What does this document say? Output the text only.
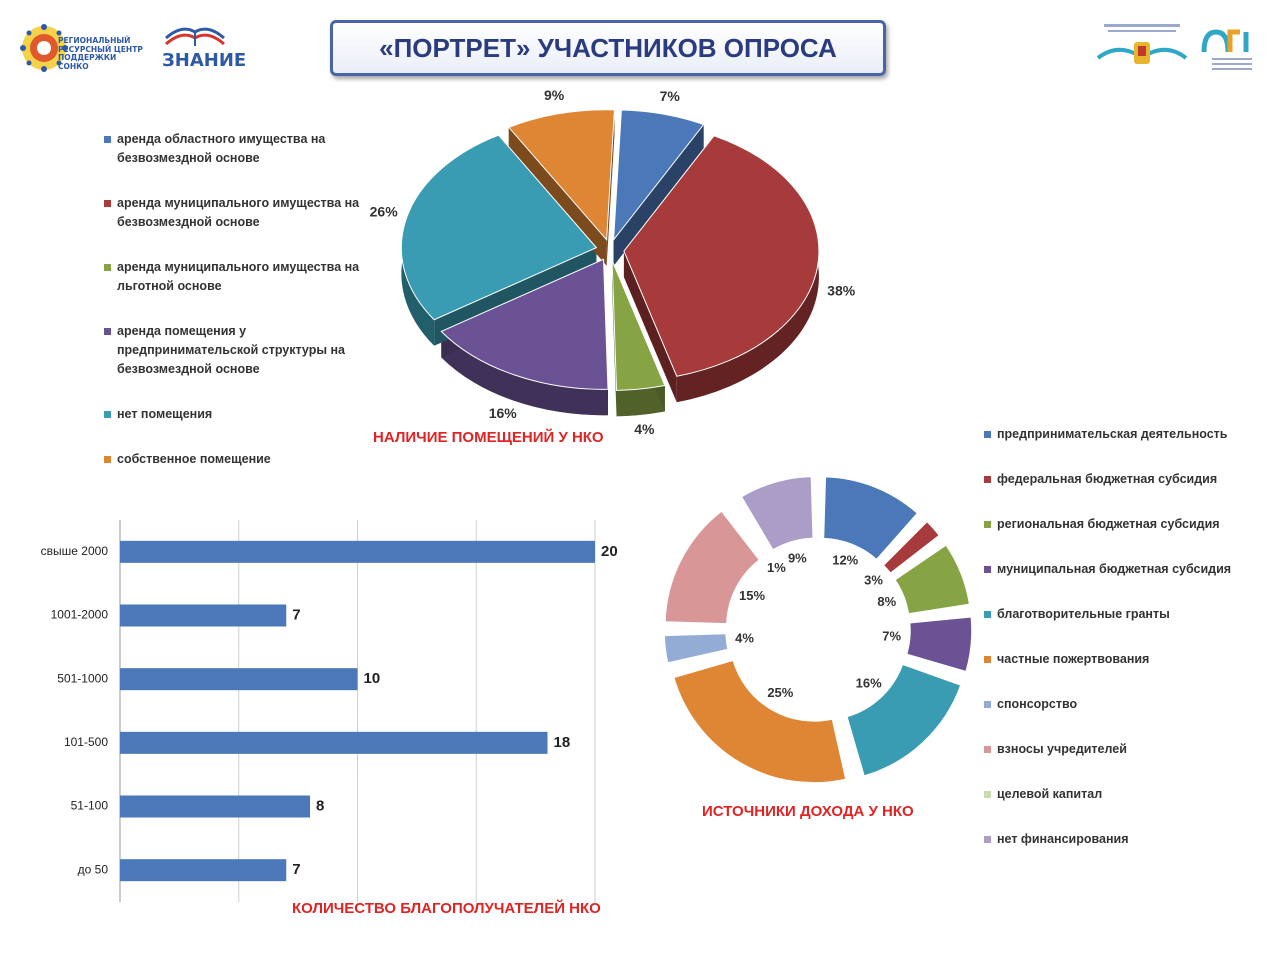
РЕГИОНАЛЬНЫЙ
РЕСУРСНЫЙ ЦЕНТР
ПОДДЕРЖКИ СОНКО	ЗНАНИЕ	«ПОРТРЕТ» УЧАСТНИКОВ ОПРОСА
аренда областного имущества на безвозмездной основе
аренда муниципального имущества на безвозмездной основе
аренда муниципального имущества на льготной основе
аренда помещения у предпринимательской структуры на безвозмездной основе
нет помещения
собственное помещение
7%
38%
4%
16%
26%
9%
НАЛИЧИЕ ПОМЕЩЕНИЙ У НКО
свыше 2000	20
1001-2000	7
501-1000	10
101-500	18
51-100	8
до 50	7
КОЛИЧЕСТВО БЛАГОПОЛУЧАТЕЛЕЙ НКО
12%
3%
8%
7%
16%
25%
4%
15%
1%
9%
ИСТОЧНИКИ ДОХОДА У НКО
предпринимательская деятельность
федеральная бюджетная субсидия
региональная бюджетная субсидия
муниципальная бюджетная субсидия
благотворительные гранты
частные пожертвования
спонсорство
взносы учредителей
целевой капитал
нет финансирования
